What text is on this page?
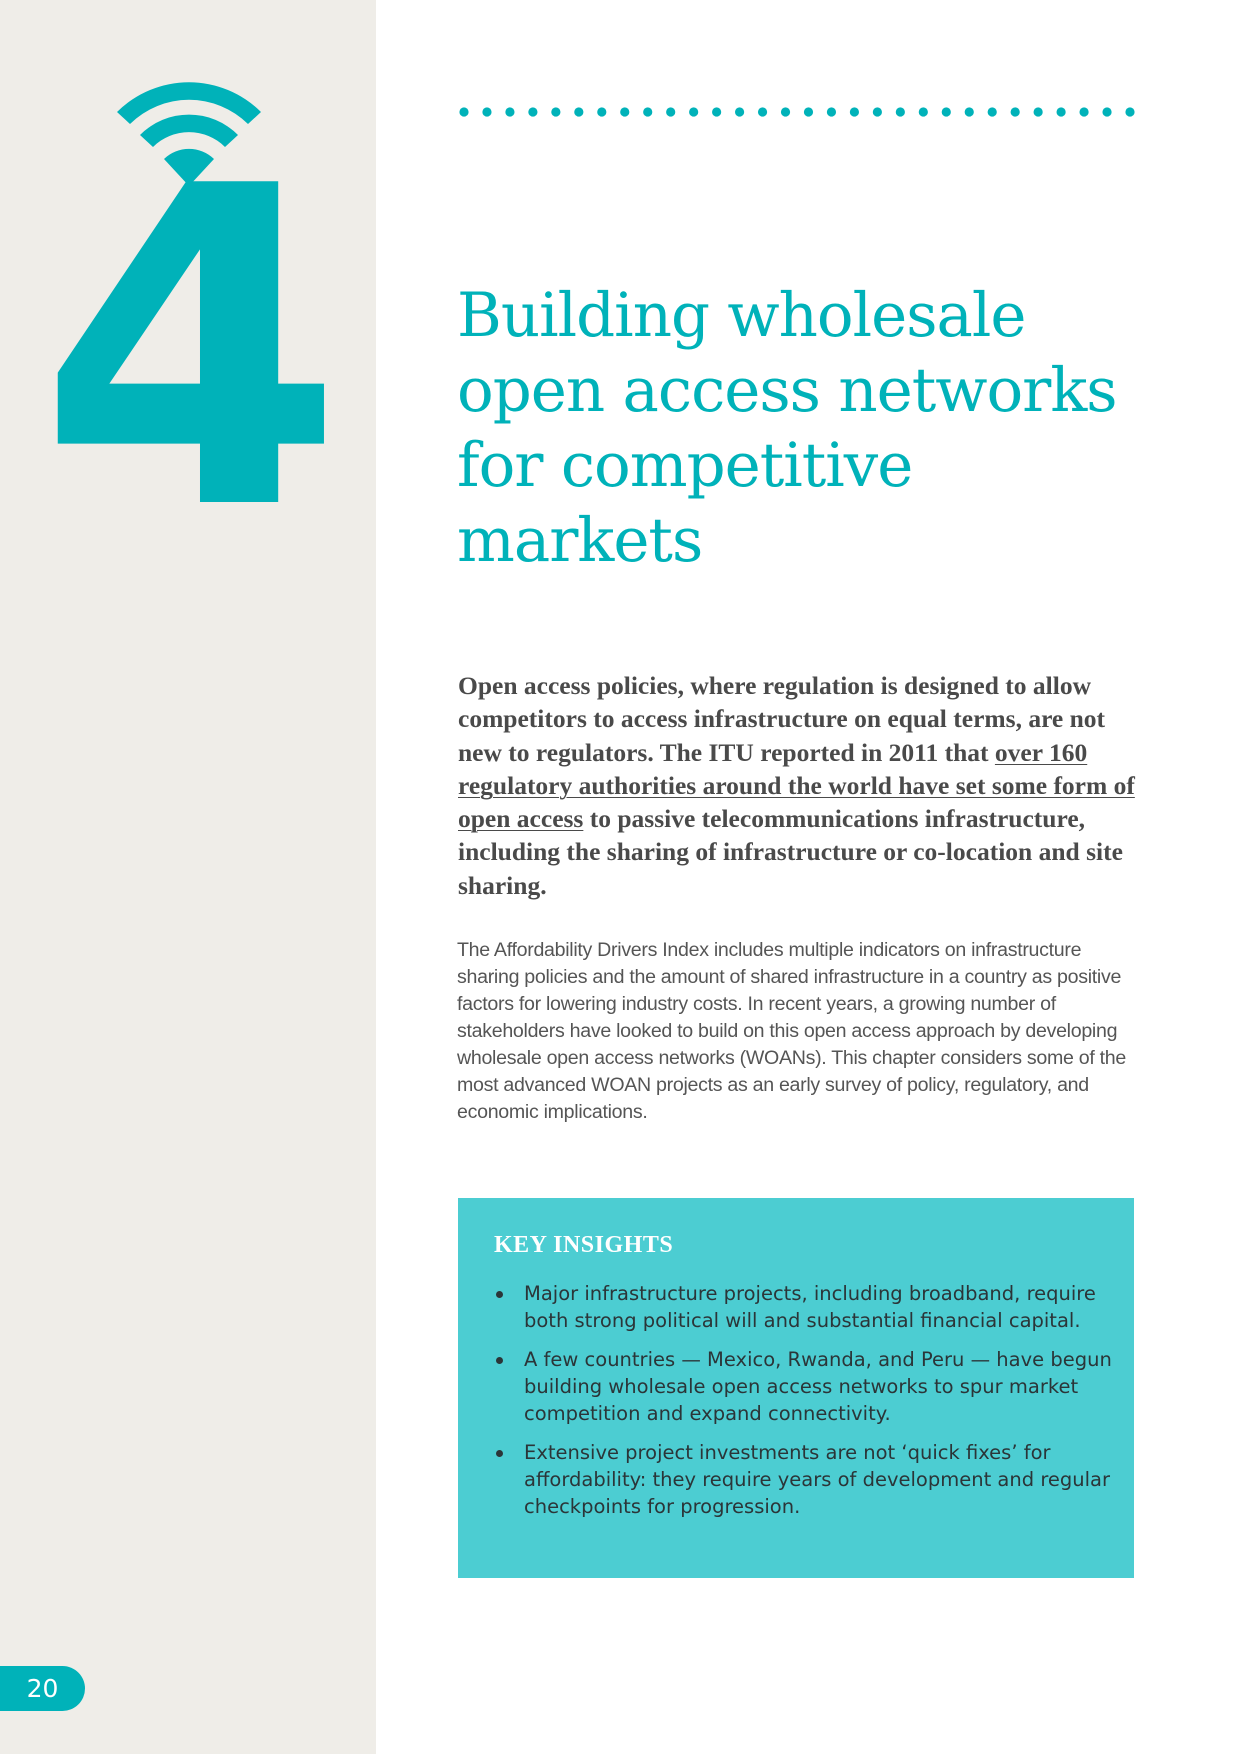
4
20
Building wholesale
open access networks
for competitive
markets

Open access policies, where regulation is designed to allow competitors to access infrastructure on equal terms, are not new to regulators. The ITU reported in 2011 that over 160 regulatory authorities around the world have set some form of open access to passive telecommunications infrastructure, including the sharing of infrastructure or co-location and site sharing.

The Affordability Drivers Index includes multiple indicators on infrastructure sharing policies and the amount of shared infrastructure in a country as positive factors for lowering industry costs. In recent years, a growing number of stakeholders have looked to build on this open access approach by developing wholesale open access networks (WOANs). This chapter considers some of the most advanced WOAN projects as an early survey of policy, regulatory, and economic implications.

KEY INSIGHTS
Major infrastructure projects, including broadband, require both strong political will and substantial financial capital.
A few countries — Mexico, Rwanda, and Peru — have begun building wholesale open access networks to spur market competition and expand connectivity.
Extensive project investments are not ‘quick fixes’ for affordability: they require years of development and regular checkpoints for progression.
